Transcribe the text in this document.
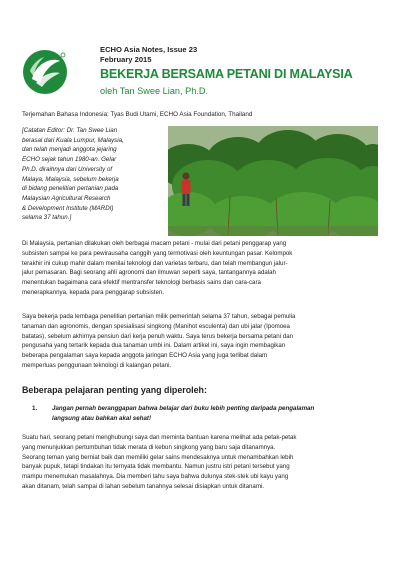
ECHO Asia Notes, Issue 23
February 2015
BEKERJA BERSAMA PETANI DI MALAYSIA
oleh Tan Swee Lian, Ph.D.
Terjemahan Bahasa Indonesia: Tyas Budi Utami, ECHO Asia Foundation, Thailand
[Catatan Editor: Dr. Tan Swee Lian
berasal dari Kuala Lumpur, Malaysia,
dan telah menjadi anggota jejaring
ECHO sejak tahun 1980-an. Gelar
Ph.D. diraihnya dari University of
Malaya, Malaysia, sebelum bekerja
di bidang penelitian pertanian pada
Malaysian Agricultural Research
& Development Institute (MARDI)
selama 37 tahun.]
Di Malaysia, pertanian dilakukan oleh berbagai macam petani - mulai dari petani penggarap yang
subsisten sampai ke para pewirausaha canggih yang termotivasi oleh keuntungan pasar. Kelompok
terakhir ini cukup mahir dalam menilai teknologi dan varietas terbaru, dan telah membangun jalur-
jalur pemasaran. Bagi seorang ahli agronomi dan ilmuwan seperti saya, tantangannya adalah
menentukan bagaimana cara efektif mentransfer teknologi berbasis sains dan cara-cara
menerapkannya, kepada para penggarap subsisten.
Saya bekerja pada lembaga penelitian pertanian milik pemerintah selama 37 tahun, sebagai pemulia
tanaman dan agronomis, dengan spesialisasi singkong (Manihot esculenta) dan ubi jalar (Ipomoea
batatas), sebelum akhirnya pensiun dari kerja penuh waktu. Saya terus bekerja bersama petani dan
pengusaha yang tertarik kepada dua tanaman umbi ini. Dalam artikel ini, saya ingin membagikan
beberapa pengalaman saya kepada anggota jaringan ECHO Asia yang juga terlibat dalam
memperluas penggunaan teknologi di kalangan petani.
Beberapa pelajaran penting yang diperoleh:
1. Jangan pernah beranggapan bahwa belajar dari buku lebih penting daripada pengalaman
langsung atau bahkan akal sehat!
Suatu hari, seorang petani menghubungi saya dan meminta bantuan karena melihat ada petak-petak
yang menunjukkan pertumbuhan tidak merata di kebun singkong yang baru saja ditanamnya.
Seorang teman yang berniat baik dan memiliki gelar sains mendesaknya untuk menambahkan lebih
banyak pupuk, tetapi tindakan itu ternyata tidak membantu. Namun justru istri petani tersebut yang
mampu menemukan masalahnya. Dia memberi tahu saya bahwa dulunya stek-stek ubi kayu yang
akan ditanam, telah sampai di lahan sebelum tanahnya selesai disiapkan untuk ditanami.
